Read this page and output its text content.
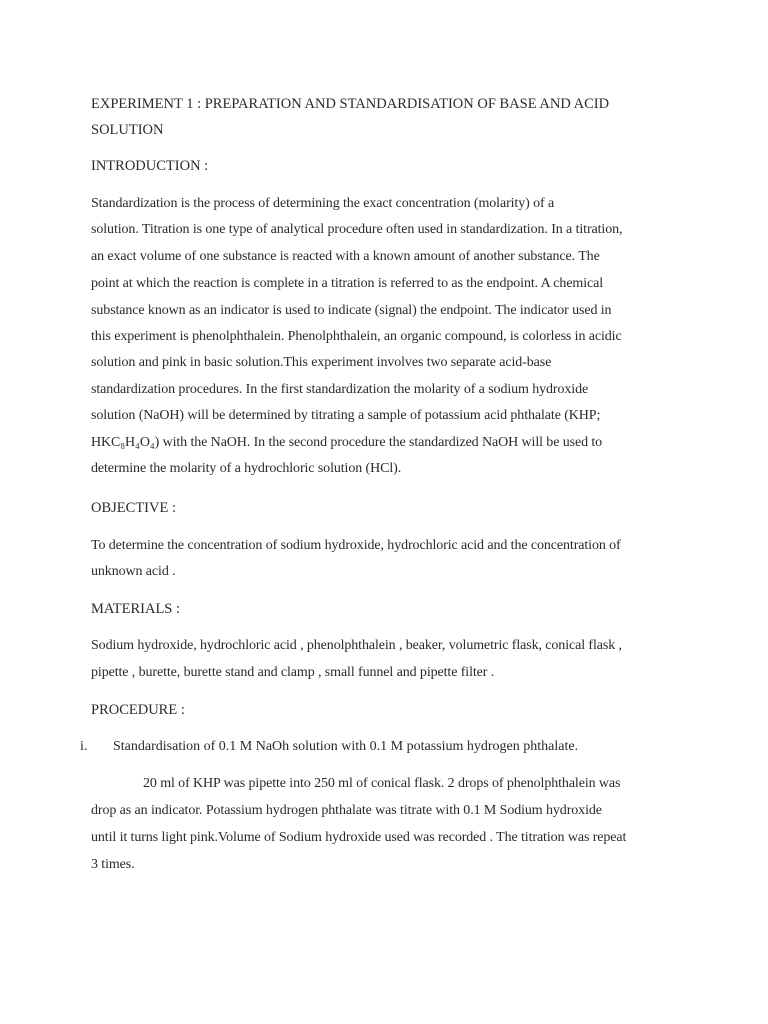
EXPERIMENT 1 : PREPARATION AND STANDARDISATION OF BASE AND ACID
SOLUTION
INTRODUCTION :
Standardization is the process of determining the exact concentration (molarity) of a
solution. Titration is one type of analytical procedure often used in standardization. In a titration,
an exact volume of one substance is reacted with a known amount of another substance. The
point at which the reaction is complete in a titration is referred to as the endpoint. A chemical
substance known as an indicator is used to indicate (signal) the endpoint. The indicator used in
this experiment is phenolphthalein. Phenolphthalein, an organic compound, is colorless in acidic
solution and pink in basic solution.This experiment involves two separate acid-base
standardization procedures. In the first standardization the molarity of a sodium hydroxide
solution (NaOH) will be determined by titrating a sample of potassium acid phthalate (KHP;
HKC₈H₄O₄) with the NaOH. In the second procedure the standardized NaOH will be used to
determine the molarity of a hydrochloric solution (HCl).
OBJECTIVE :
To determine the concentration of sodium hydroxide, hydrochloric acid and the concentration of
unknown acid .
MATERIALS :
Sodium hydroxide, hydrochloric acid , phenolphthalein , beaker, volumetric flask, conical flask ,
pipette , burette, burette stand and clamp , small funnel and pipette filter .
PROCEDURE :
i. Standardisation of 0.1 M NaOh solution with 0.1 M potassium hydrogen phthalate.
20 ml of KHP was pipette into 250 ml of conical flask. 2 drops of phenolphthalein was
drop as an indicator. Potassium hydrogen phthalate was titrate with 0.1 M Sodium hydroxide
until it turns light pink.Volume of Sodium hydroxide used was recorded . The titration was repeat
3 times.
